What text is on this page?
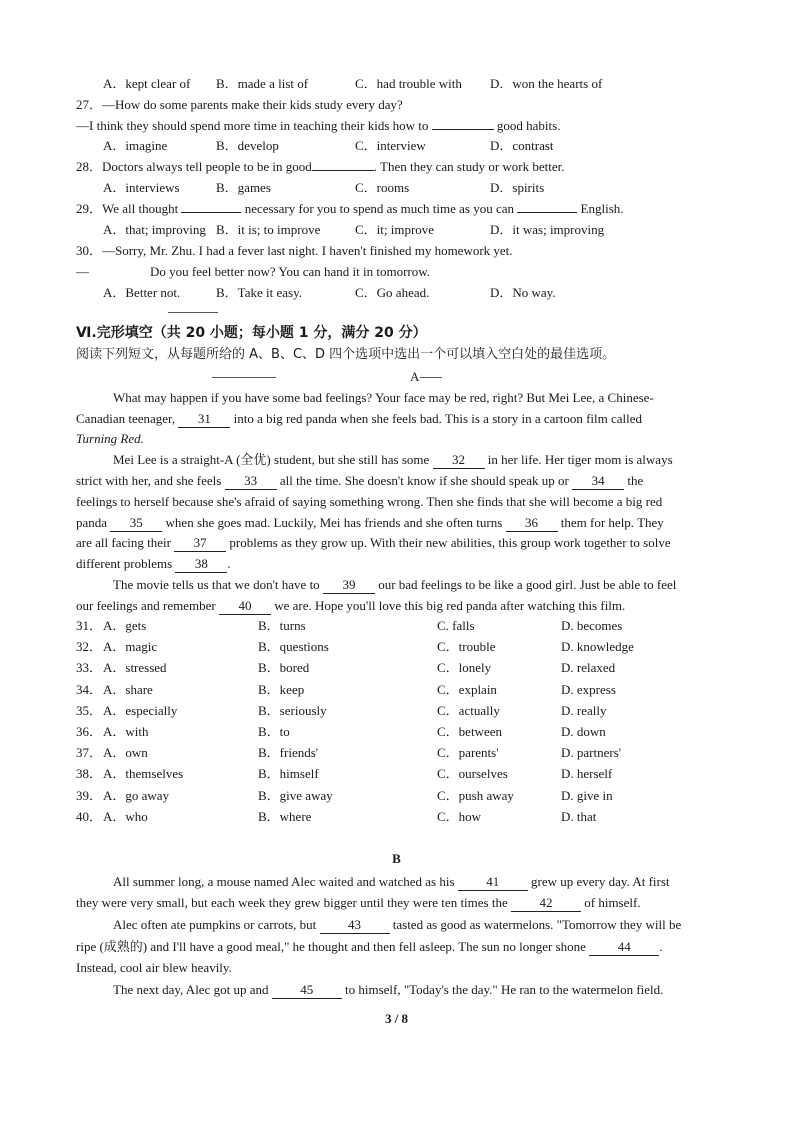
A．kept clear of B．made a list of	C．had trouble with D．won the hearts of
27．—How do some parents make their kids study every day?
—I think they should spend more time in teaching their kids how to	good habits.
A．imagine	B．develop	C．interview	D．contrast
28．Doctors always tell people to be in good	. Then they can study or work better.
A．interviews	B．games	C．rooms	D．spirits
29．We all thought	necessary for you to spend as much time as you can	English.
A．that; improving B．it is; to improve	C．it; improve	D．it was; improving
30．—Sorry, Mr. Zhu. I had a fever last night. I haven't finished my homework yet.
—	Do you feel better now? You can hand it in tomorrow.
A．Better not.	B．Take it easy.	C．Go ahead.	D．No way.
Ⅵ.完形填空（共 20 小题；每小题 1 分，满分 20 分）
阅读下列短文，从每题所给的 A、B、C、D 四个选项中选出一个可以填入空白处的最佳选项。
A
What may happen if you have some bad feelings? Your face may be red, right? But Mei Lee, a Chinese-
Canadian teenager, 31 into a big red panda when she feels bad. This is a story in a cartoon film called
Turning Red.
Mei Lee is a straight-A (全优) student, but she still has some 32 in her life. Her tiger mom is always
strict with her, and she feels 33 all the time. She doesn't know if she should speak up or 34 the
feelings to herself because she's afraid of saying something wrong. Then she finds that she will become a big red
panda 35 when she goes mad. Luckily, Mei has friends and she often turns 36 them for help. They
are all facing their 37 problems as they grow up. With their new abilities, this group work together to solve
different problems 38 .
The movie tells us that we don't have to 39 our bad feelings to be like a good girl. Just be able to feel
our feelings and remember 40 we are. Hope you'll love this big red panda after watching this film.
31． A．gets	B．turns	C. falls	D. becomes
32． A．magic	B．questions	C．trouble	D. knowledge
33． A．stressed	B．bored	C．lonely	D. relaxed
34． A．share	B．keep	C．explain	D. express
35． A．especially	B．seriously	C．actually	D. really
36． A．with	B．to	C．between	D. down
37． A．own	B．friends'	C．parents'	D. partners'
38． A．themselves	B．himself	C．ourselves	D. herself
39． A．go away	B．give away	C．push away	D. give in
40． A．who	B．where	C．how	D. that
B
All summer long, a mouse named Alec waited and watched as his 41 grew up every day. At first
they were very small, but each week they grew bigger until they were ten times the 42 of himself.
Alec often ate pumpkins or carrots, but 43 tasted as good as watermelons. "Tomorrow they will be
ripe (成熟的) and I'll have a good meal," he thought and then fell asleep. The sun no longer shone 44 .
Instead, cool air blew heavily.
The next day, Alec got up and 45 to himself, "Today's the day." He ran to the watermelon field.
3 / 8
